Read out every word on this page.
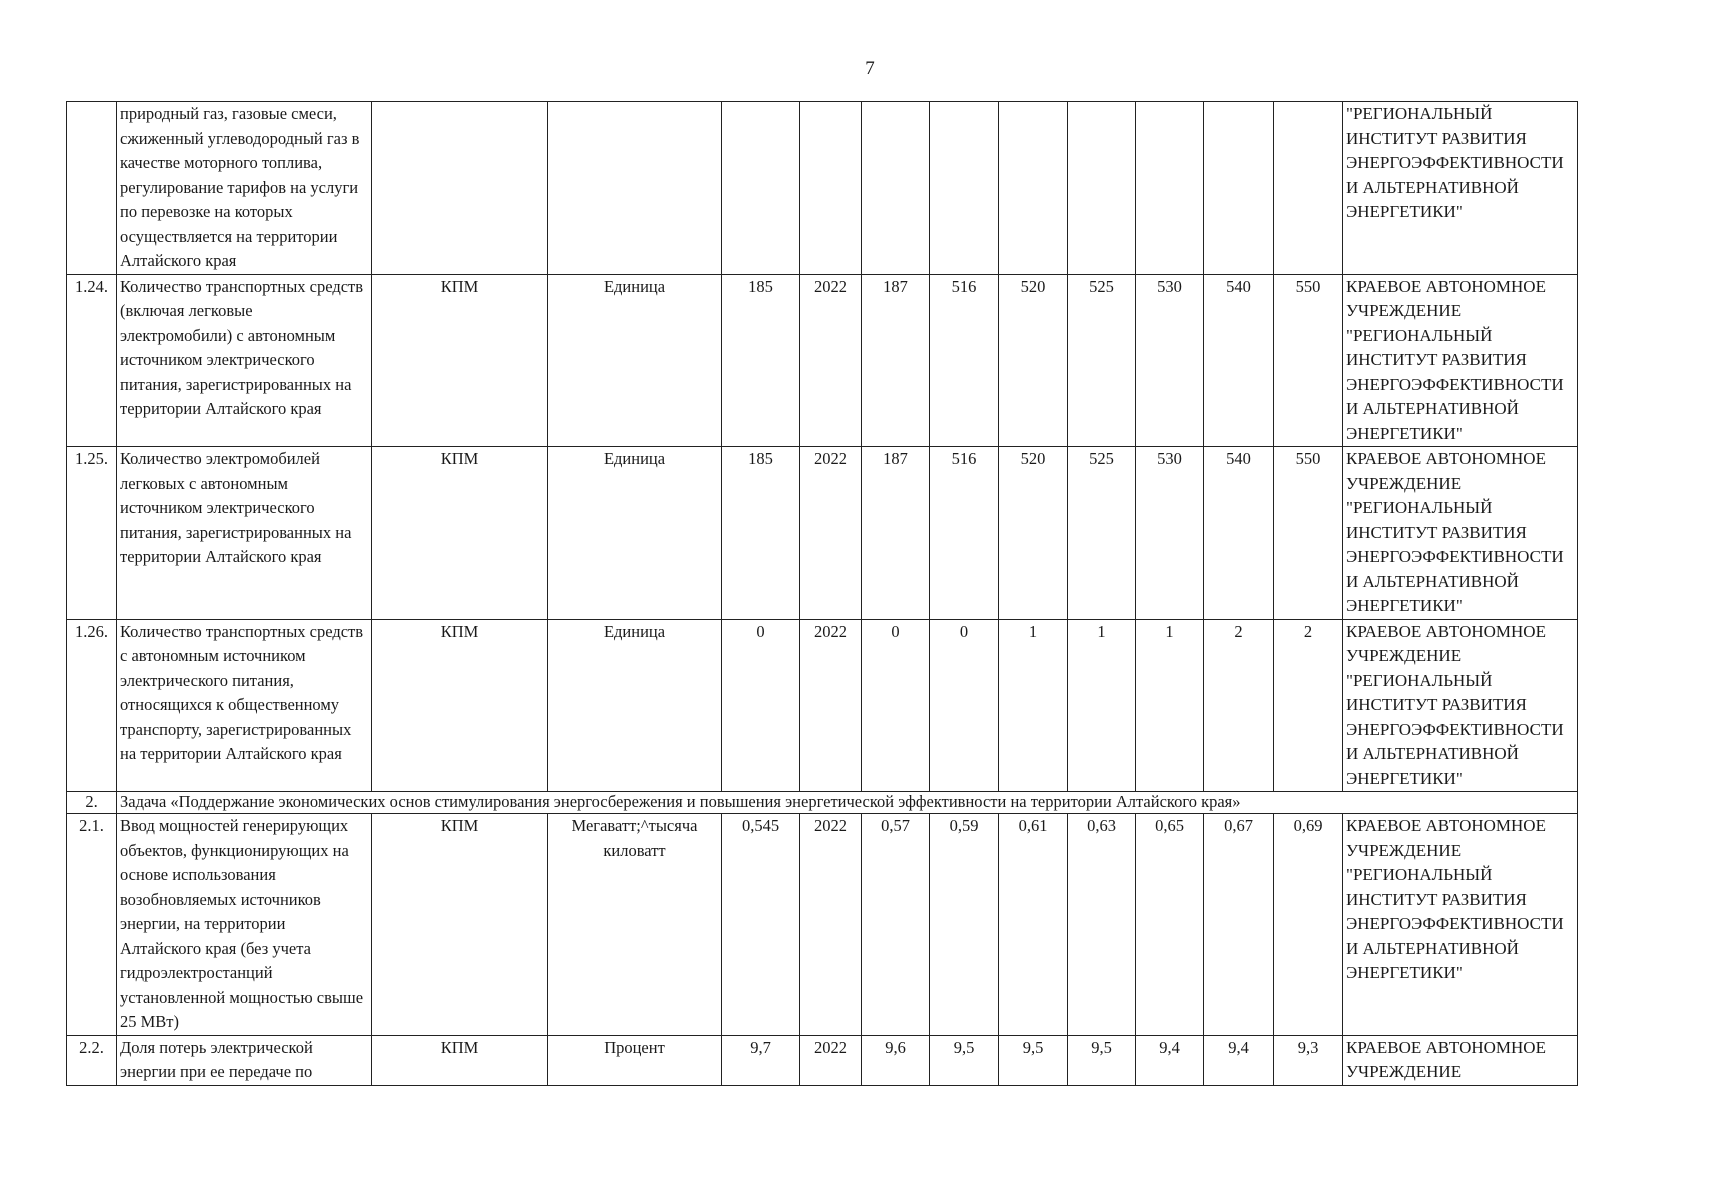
7
	природный газ, газовые смеси, сжиженный углеводородный газ в качестве моторного топлива, регулирование тарифов на услуги по перевозке на которых осуществляется на территории Алтайского края												"РЕГИОНАЛЬНЫЙ ИНСТИТУТ РАЗВИТИЯ ЭНЕРГОЭФФЕКТИВНОСТИ И АЛЬТЕРНАТИВНОЙ ЭНЕРГЕТИКИ"
1.24.	Количество транспортных средств (включая легковые электромобили) с автономным источником электрического питания, зарегистрированных на территории Алтайского края	КПМ	Единица	185	2022	187	516	520	525	530	540	550	КРАЕВОЕ АВТОНОМНОЕ УЧРЕЖДЕНИЕ "РЕГИОНАЛЬНЫЙ ИНСТИТУТ РАЗВИТИЯ ЭНЕРГОЭФФЕКТИВНОСТИ И АЛЬТЕРНАТИВНОЙ ЭНЕРГЕТИКИ"
1.25.	Количество электромобилей легковых с автономным источником электрического питания, зарегистрированных на территории Алтайского края	КПМ	Единица	185	2022	187	516	520	525	530	540	550	КРАЕВОЕ АВТОНОМНОЕ УЧРЕЖДЕНИЕ "РЕГИОНАЛЬНЫЙ ИНСТИТУТ РАЗВИТИЯ ЭНЕРГОЭФФЕКТИВНОСТИ И АЛЬТЕРНАТИВНОЙ ЭНЕРГЕТИКИ"
1.26.	Количество транспортных средств с автономным источником электрического питания, относящихся к общественному транспорту, зарегистрированных на территории Алтайского края	КПМ	Единица	0	2022	0	0	1	1	1	2	2	КРАЕВОЕ АВТОНОМНОЕ УЧРЕЖДЕНИЕ "РЕГИОНАЛЬНЫЙ ИНСТИТУТ РАЗВИТИЯ ЭНЕРГОЭФФЕКТИВНОСТИ И АЛЬТЕРНАТИВНОЙ ЭНЕРГЕТИКИ"
2.	Задача «Поддержание экономических основ стимулирования энергосбережения и повышения энергетической эффективности на территории Алтайского края»												
2.1.	Ввод мощностей генерирующих объектов, функционирующих на основе использования возобновляемых источников энергии, на территории Алтайского края (без учета гидроэлектростанций установленной мощностью свыше 25 МВт)	КПМ	Мегаватт;^тысяча киловатт	0,545	2022	0,57	0,59	0,61	0,63	0,65	0,67	0,69	КРАЕВОЕ АВТОНОМНОЕ УЧРЕЖДЕНИЕ "РЕГИОНАЛЬНЫЙ ИНСТИТУТ РАЗВИТИЯ ЭНЕРГОЭФФЕКТИВНОСТИ И АЛЬТЕРНАТИВНОЙ ЭНЕРГЕТИКИ"
2.2.	Доля потерь электрической энергии при ее передаче по	КПМ	Процент	9,7	2022	9,6	9,5	9,5	9,5	9,4	9,4	9,3	КРАЕВОЕ АВТОНОМНОЕ УЧРЕЖДЕНИЕ
